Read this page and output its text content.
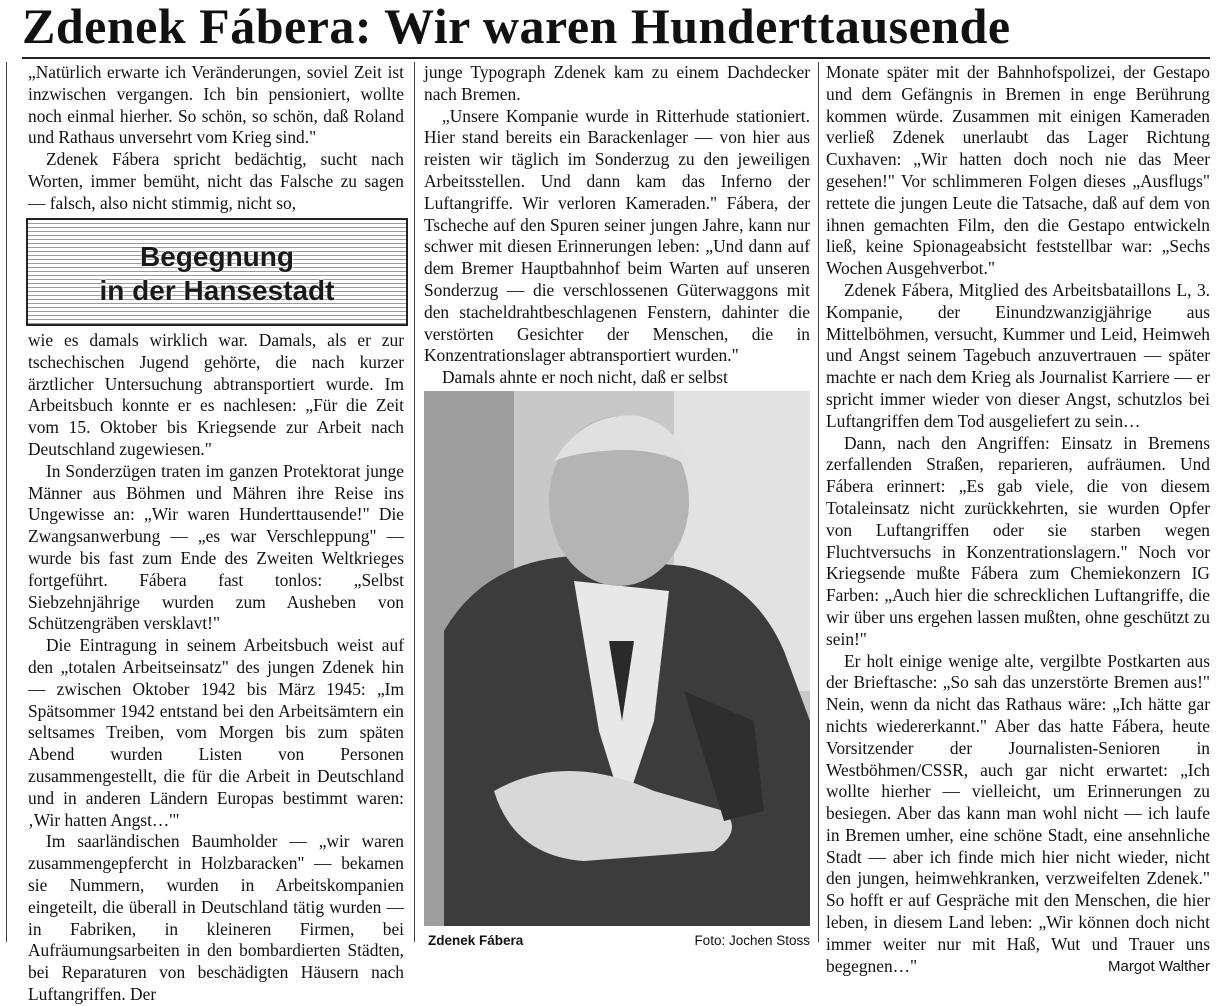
Zdenek Fábera: Wir waren Hunderttausende

„Natürlich erwarte ich Veränderungen, soviel Zeit ist inzwischen vergangen. Ich bin pensioniert, wollte noch einmal hierher. So schön, so schön, daß Roland und Rathaus unversehrt vom Krieg sind."

Zdenek Fábera spricht bedächtig, sucht nach Worten, immer bemüht, nicht das Falsche zu sagen — falsch, also nicht stimmig, nicht so,

Begegnung
in der Hansestadt

wie es damals wirklich war. Damals, als er zur tschechischen Jugend gehörte, die nach kurzer ärztlicher Untersuchung abtransportiert wurde. Im Arbeitsbuch konnte er es nachlesen: „Für die Zeit vom 15. Oktober bis Kriegsende zur Arbeit nach Deutschland zugewiesen."

In Sonderzügen traten im ganzen Protektorat junge Männer aus Böhmen und Mähren ihre Reise ins Ungewisse an: „Wir waren Hunderttausende!" Die Zwangsanwerbung — „es war Verschleppung" — wurde bis fast zum Ende des Zweiten Weltkrieges fortgeführt. Fábera fast tonlos: „Selbst Siebzehnjährige wurden zum Ausheben von Schützengräben versklavt!"

Die Eintragung in seinem Arbeitsbuch weist auf den „totalen Arbeitseinsatz" des jungen Zdenek hin — zwischen Oktober 1942 bis März 1945: „Im Spätsommer 1942 entstand bei den Arbeitsämtern ein seltsames Treiben, vom Morgen bis zum späten Abend wurden Listen von Personen zusammengestellt, die für die Arbeit in Deutschland und in anderen Ländern Europas bestimmt waren: ‚Wir hatten Angst…'"

Im saarländischen Baumholder — „wir waren zusammengepfercht in Holzbaracken" — bekamen sie Nummern, wurden in Arbeitskompanien eingeteilt, die überall in Deutschland tätig wurden — in Fabriken, in kleineren Firmen, bei Aufräumungsarbeiten in den bombardierten Städten, bei Reparaturen von beschädigten Häusern nach Luftangriffen. Der

junge Typograph Zdenek kam zu einem Dachdecker nach Bremen.

„Unsere Kompanie wurde in Ritterhude stationiert. Hier stand bereits ein Barackenlager — von hier aus reisten wir täglich im Sonderzug zu den jeweiligen Arbeitsstellen. Und dann kam das Inferno der Luftangriffe. Wir verloren Kameraden." Fábera, der Tscheche auf den Spuren seiner jungen Jahre, kann nur schwer mit diesen Erinnerungen leben: „Und dann auf dem Bremer Hauptbahnhof beim Warten auf unseren Sonderzug — die verschlossenen Güterwaggons mit den stacheldrahtbeschlagenen Fenstern, dahinter die verstörten Gesichter der Menschen, die in Konzentrationslager abtransportiert wurden."

Damals ahnte er noch nicht, daß er selbst

Zdenek Fábera	Foto: Jochen Stoss

Monate später mit der Bahnhofspolizei, der Gestapo und dem Gefängnis in Bremen in enge Berührung kommen würde. Zusammen mit einigen Kameraden verließ Zdenek unerlaubt das Lager Richtung Cuxhaven: „Wir hatten doch noch nie das Meer gesehen!" Vor schlimmeren Folgen dieses „Ausflugs" rettete die jungen Leute die Tatsache, daß auf dem von ihnen gemachten Film, den die Gestapo entwickeln ließ, keine Spionageabsicht feststellbar war: „Sechs Wochen Ausgehverbot."

Zdenek Fábera, Mitglied des Arbeitsbataillons L, 3. Kompanie, der Einundzwanzigjährige aus Mittelböhmen, versucht, Kummer und Leid, Heimweh und Angst seinem Tagebuch anzuvertrauen — später machte er nach dem Krieg als Journalist Karriere — er spricht immer wieder von dieser Angst, schutzlos bei Luftangriffen dem Tod ausgeliefert zu sein…

Dann, nach den Angriffen: Einsatz in Bremens zerfallenden Straßen, reparieren, aufräumen. Und Fábera erinnert: „Es gab viele, die von diesem Totaleinsatz nicht zurückkehrten, sie wurden Opfer von Luftangriffen oder sie starben wegen Fluchtversuchs in Konzentrationslagern." Noch vor Kriegsende mußte Fábera zum Chemiekonzern IG Farben: „Auch hier die schrecklichen Luftangriffe, die wir über uns ergehen lassen mußten, ohne geschützt zu sein!"

Er holt einige wenige alte, vergilbte Postkarten aus der Brieftasche: „So sah das unzerstörte Bremen aus!" Nein, wenn da nicht das Rathaus wäre: „Ich hätte gar nichts wiedererkannt." Aber das hatte Fábera, heute Vorsitzender der Journalisten-Senioren in Westböhmen/CSSR, auch gar nicht erwartet: „Ich wollte hierher — vielleicht, um Erinnerungen zu besiegen. Aber das kann man wohl nicht — ich laufe in Bremen umher, eine schöne Stadt, eine ansehnliche Stadt — aber ich finde mich hier nicht wieder, nicht den jungen, heimwehkranken, verzweifelten Zdenek." So hofft er auf Gespräche mit den Menschen, die hier leben, in diesem Land leben: „Wir können doch nicht immer weiter nur mit Haß, Wut und Trauer uns begegnen…"	Margot Walther
